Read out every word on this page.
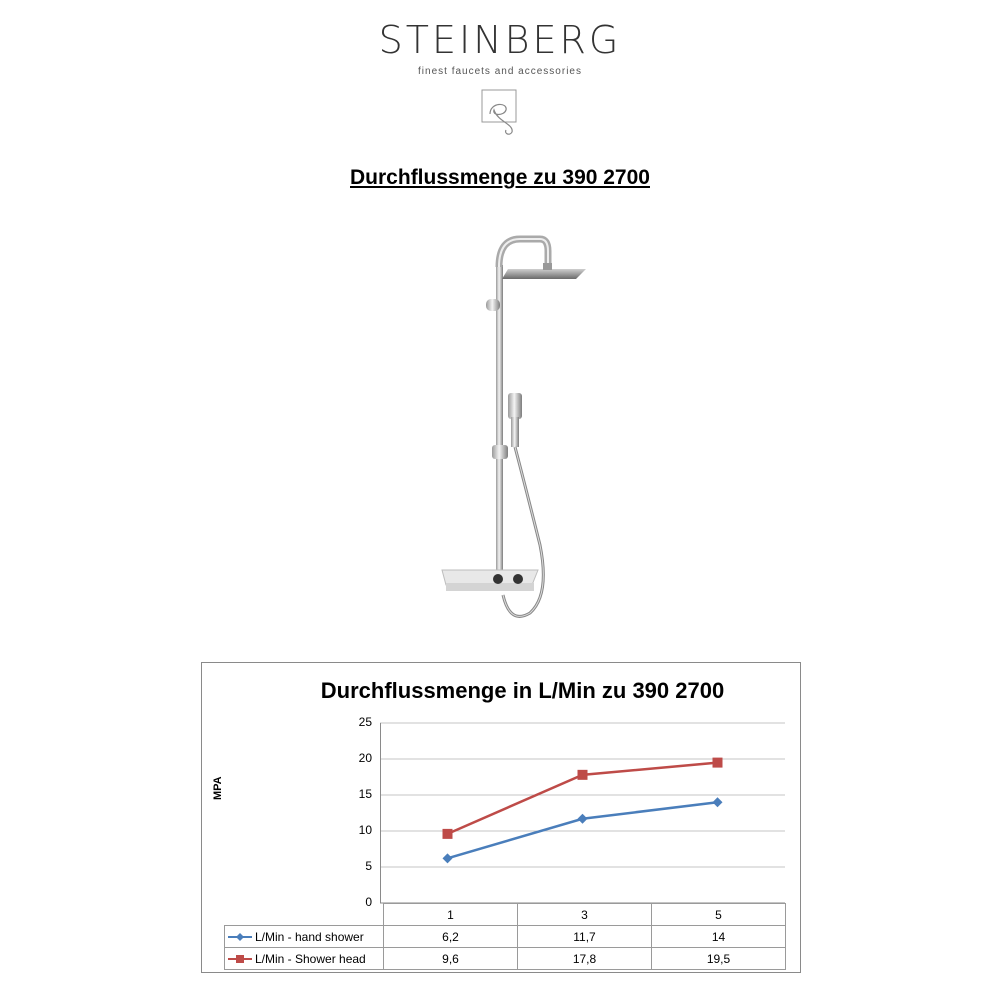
STEINBERG
finest faucets and accessories
Durchflussmenge zu 390 2700
Durchflussmenge in L/Min zu 390 2700
MPA
0
5
10
15
20
25
	1	3	5
L/Min - hand shower	6,2	11,7	14
L/Min - Shower head	9,6	17,8	19,5
